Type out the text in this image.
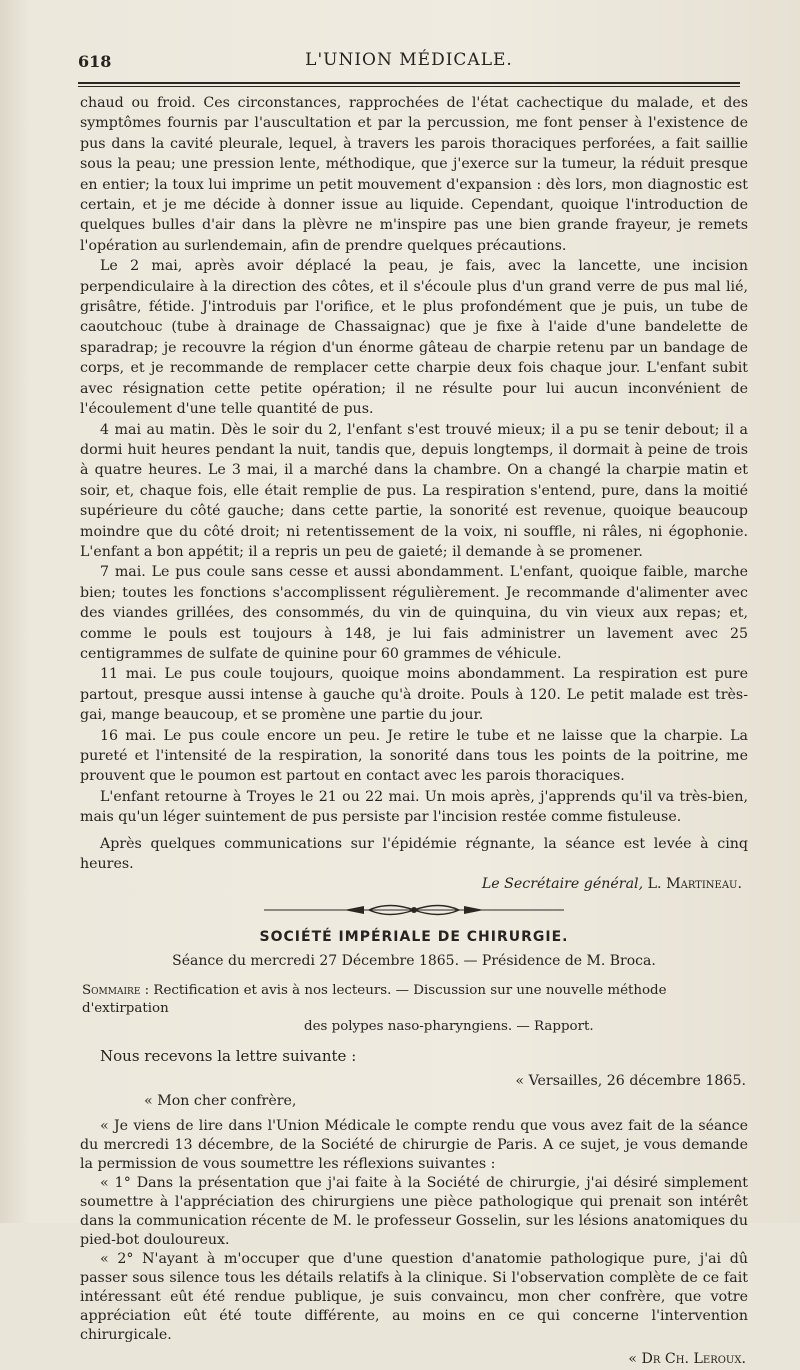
618	L'UNION MÉDICALE.

chaud ou froid. Ces circonstances, rapprochées de l'état cachectique du malade, et des symptômes fournis par l'auscultation et par la percussion, me font penser à l'existence de pus dans la cavité pleurale, lequel, à travers les parois thoraciques perforées, a fait saillie sous la peau; une pression lente, méthodique, que j'exerce sur la tumeur, la réduit presque en entier; la toux lui imprime un petit mouvement d'expansion : dès lors, mon diagnostic est certain, et je me décide à donner issue au liquide. Cependant, quoique l'introduction de quelques bulles d'air dans la plèvre ne m'inspire pas une bien grande frayeur, je remets l'opération au surlendemain, afin de prendre quelques précautions.

Le 2 mai, après avoir déplacé la peau, je fais, avec la lancette, une incision perpendiculaire à la direction des côtes, et il s'écoule plus d'un grand verre de pus mal lié, grisâtre, fétide. J'introduis par l'orifice, et le plus profondément que je puis, un tube de caoutchouc (tube à drainage de Chassaignac) que je fixe à l'aide d'une bandelette de sparadrap; je recouvre la région d'un énorme gâteau de charpie retenu par un bandage de corps, et je recommande de remplacer cette charpie deux fois chaque jour. L'enfant subit avec résignation cette petite opération; il ne résulte pour lui aucun inconvénient de l'écoulement d'une telle quantité de pus.

4 mai au matin. Dès le soir du 2, l'enfant s'est trouvé mieux; il a pu se tenir debout; il a dormi huit heures pendant la nuit, tandis que, depuis longtemps, il dormait à peine de trois à quatre heures. Le 3 mai, il a marché dans la chambre. On a changé la charpie matin et soir, et, chaque fois, elle était remplie de pus. La respiration s'entend, pure, dans la moitié supérieure du côté gauche; dans cette partie, la sonorité est revenue, quoique beaucoup moindre que du côté droit; ni retentissement de la voix, ni souffle, ni râles, ni égophonie. L'enfant a bon appétit; il a repris un peu de gaieté; il demande à se promener.

7 mai. Le pus coule sans cesse et aussi abondamment. L'enfant, quoique faible, marche bien; toutes les fonctions s'accomplissent régulièrement. Je recommande d'alimenter avec des viandes grillées, des consommés, du vin de quinquina, du vin vieux aux repas; et, comme le pouls est toujours à 148, je lui fais administrer un lavement avec 25 centigrammes de sulfate de quinine pour 60 grammes de véhicule.

11 mai. Le pus coule toujours, quoique moins abondamment. La respiration est pure partout, presque aussi intense à gauche qu'à droite. Pouls à 120. Le petit malade est très-gai, mange beaucoup, et se promène une partie du jour.

16 mai. Le pus coule encore un peu. Je retire le tube et ne laisse que la charpie. La pureté et l'intensité de la respiration, la sonorité dans tous les points de la poitrine, me prouvent que le poumon est partout en contact avec les parois thoraciques.

L'enfant retourne à Troyes le 21 ou 22 mai. Un mois après, j'apprends qu'il va très-bien, mais qu'un léger suintement de pus persiste par l'incision restée comme fistuleuse.

Après quelques communications sur l'épidémie régnante, la séance est levée à cinq heures.

Le Secrétaire général, L. Martineau.

SOCIÉTÉ IMPÉRIALE DE CHIRURGIE.
Séance du mercredi 27 Décembre 1865. — Présidence de M. Broca.
Sommaire : Rectification et avis à nos lecteurs. — Discussion sur une nouvelle méthode d'extirpation
des polypes naso-pharyngiens. — Rapport.

Nous recevons la lettre suivante :

« Versailles, 26 décembre 1865.

« Mon cher confrère,

« Je viens de lire dans l'Union Médicale le compte rendu que vous avez fait de la séance du mercredi 13 décembre, de la Société de chirurgie de Paris. A ce sujet, je vous demande la permission de vous soumettre les réflexions suivantes :

« 1° Dans la présentation que j'ai faite à la Société de chirurgie, j'ai désiré simplement soumettre à l'appréciation des chirurgiens une pièce pathologique qui prenait son intérêt dans la communication récente de M. le professeur Gosselin, sur les lésions anatomiques du pied-bot douloureux.

« 2° N'ayant à m'occuper que d'une question d'anatomie pathologique pure, j'ai dû passer sous silence tous les détails relatifs à la clinique. Si l'observation complète de ce fait intéressant eût été rendue publique, je suis convaincu, mon cher confrère, que votre appréciation eût été toute différente, au moins en ce qui concerne l'intervention chirurgicale.

« Dr Ch. Leroux.
